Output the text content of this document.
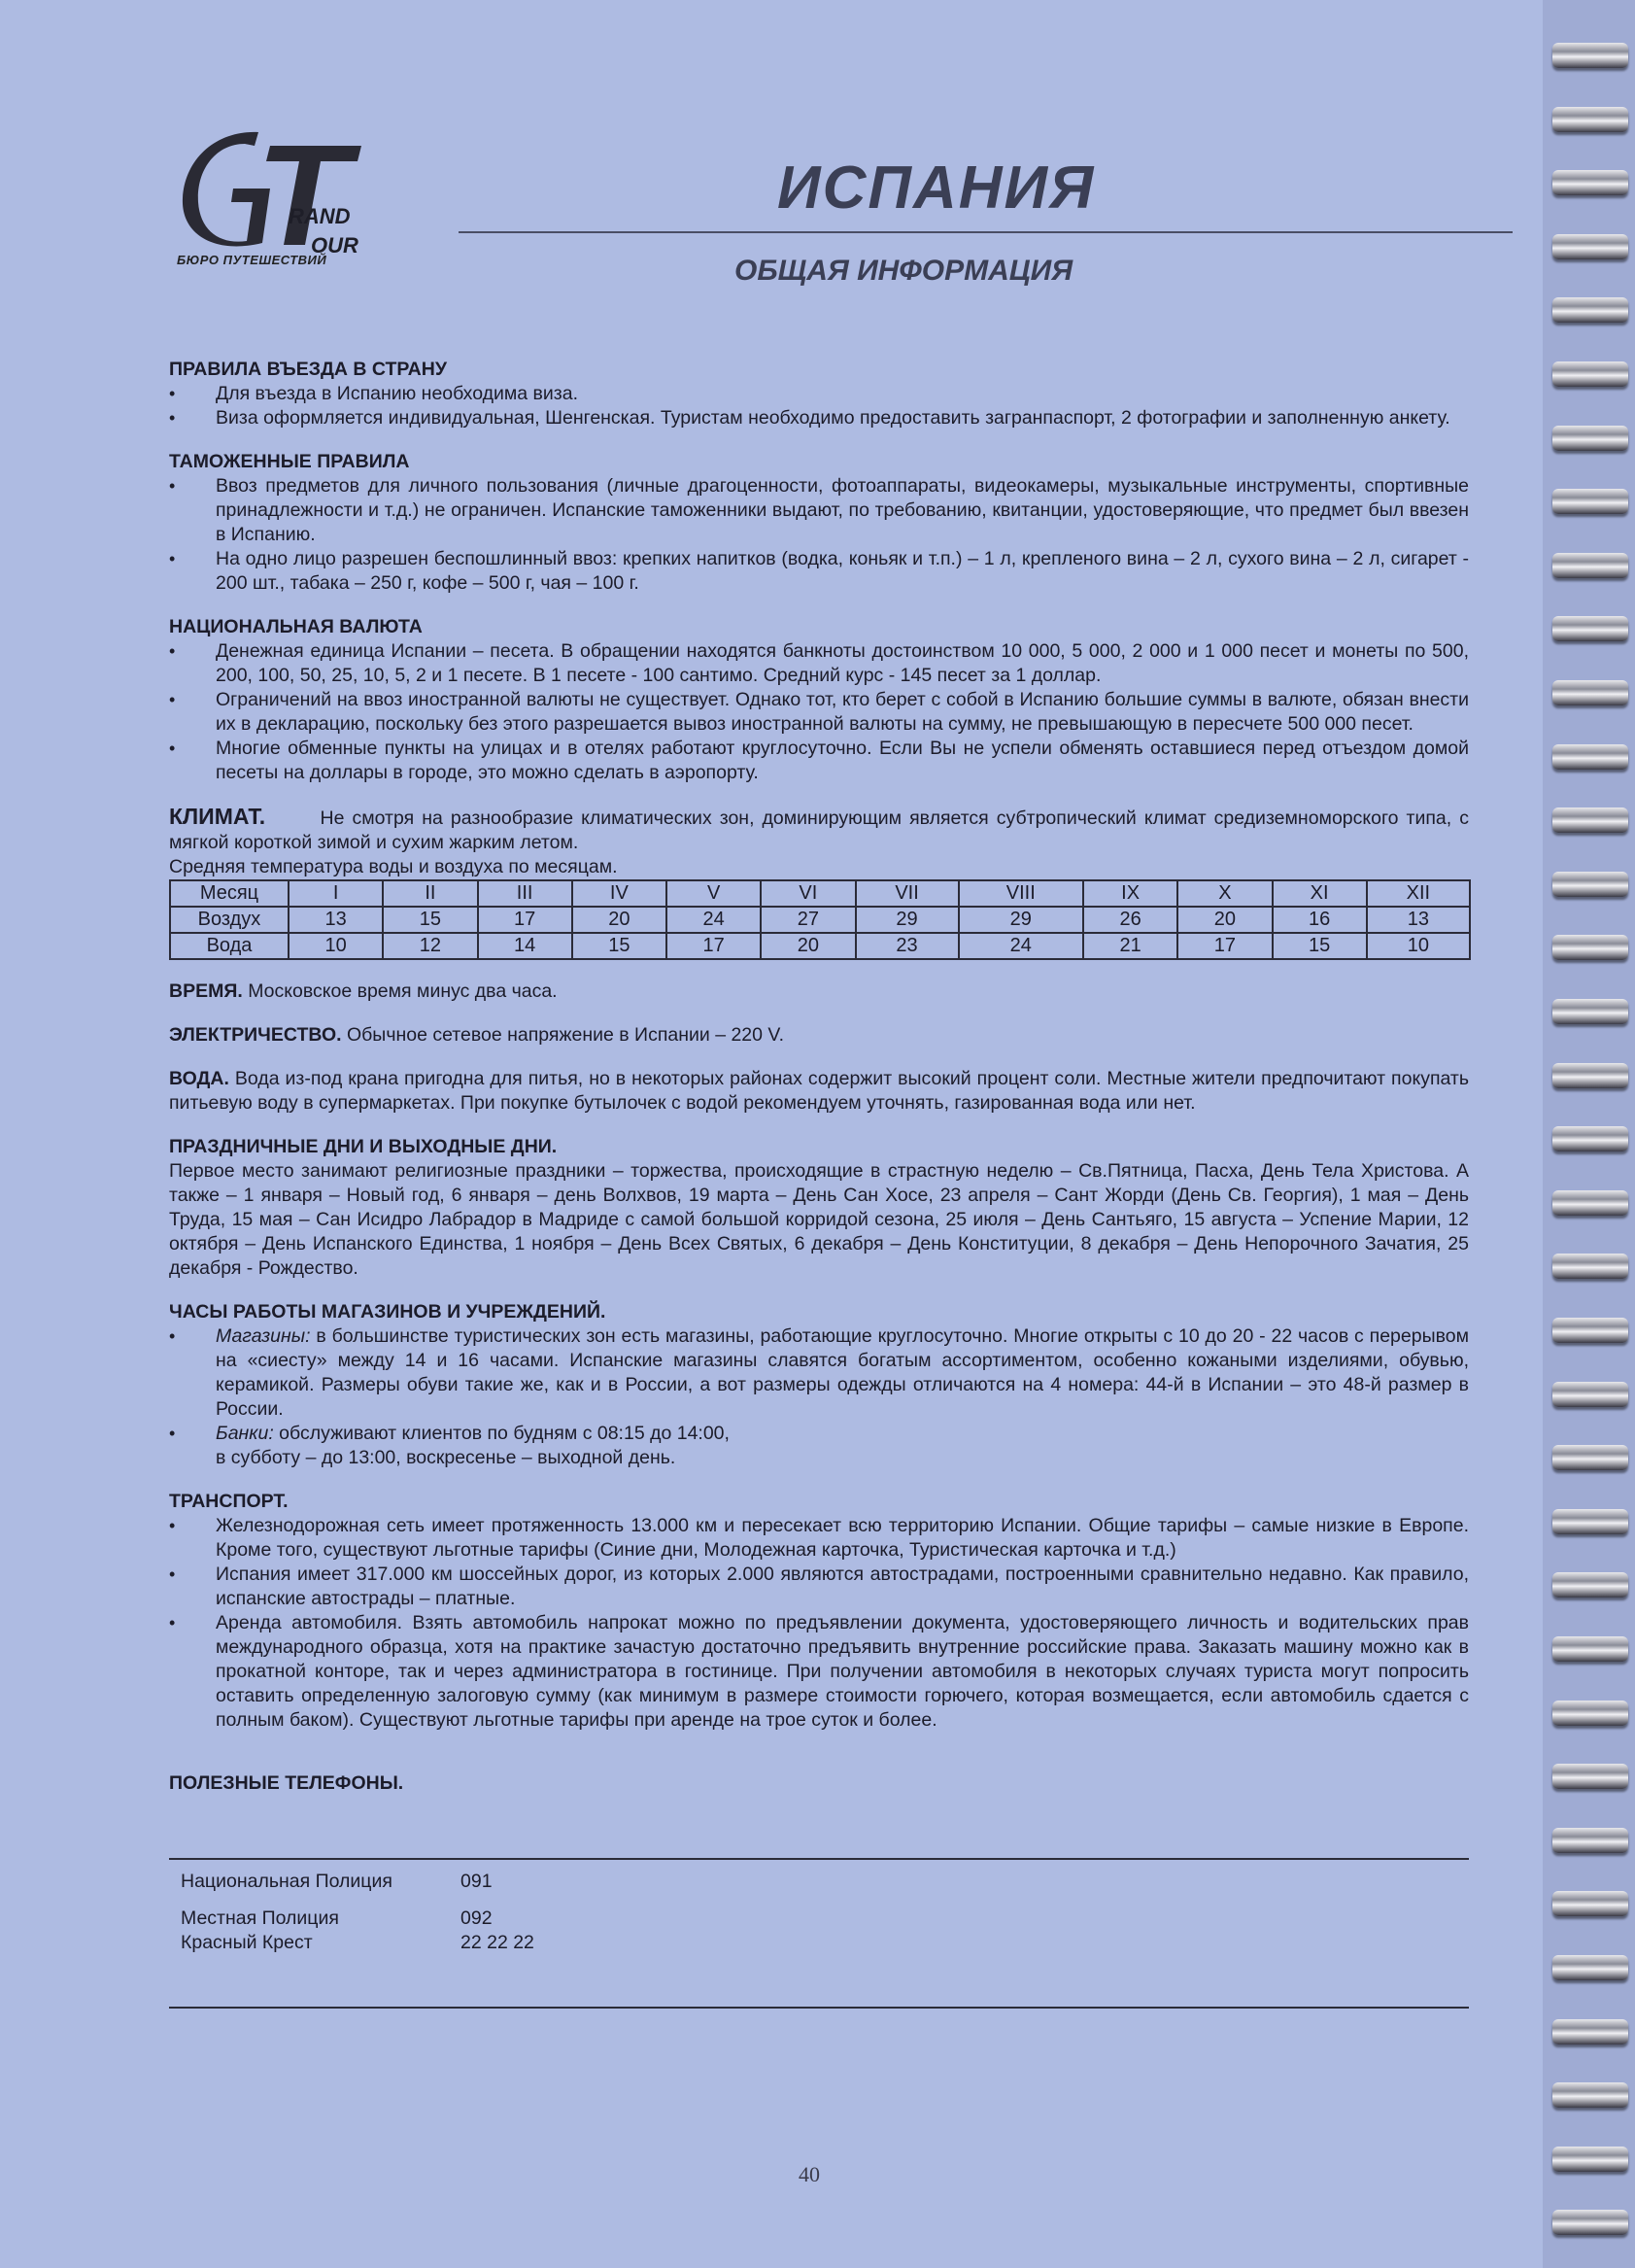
RAND
OUR
БЮРО ПУТЕШЕСТВИЙ
ИСПАНИЯ
ОБЩАЯ ИНФОРМАЦИЯ

ПРАВИЛА ВЪЕЗДА В СТРАНУ

• Для въезда в Испанию необходима виза.
• Виза оформляется индивидуальная, Шенгенская. Туристам необходимо предоставить загранпаспорт, 2 фотографии и заполненную анкету.

ТАМОЖЕННЫЕ ПРАВИЛА

• Ввоз предметов для личного пользования (личные драгоценности, фотоаппараты, видеокамеры, музыкальные инструменты, спортивные принадлежности и т.д.) не ограничен. Испанские таможенники выдают, по требованию, квитанции, удостоверяющие, что предмет был ввезен в Испанию.
• На одно лицо разрешен беспошлинный ввоз: крепких напитков (водка, коньяк и т.п.) – 1 л, крепленого вина – 2 л, сухого вина – 2 л, сигарет - 200 шт., табака – 250 г, кофе – 500 г, чая – 100 г.

НАЦИОНАЛЬНАЯ ВАЛЮТА

• Денежная единица Испании – песета. В обращении находятся банкноты достоинством 10 000, 5 000, 2 000 и 1 000 песет и монеты по 500, 200, 100, 50, 25, 10, 5, 2 и 1 песете. В 1 песете - 100 сантимо. Средний курс - 145 песет за 1 доллар.
• Ограничений на ввоз иностранной валюты не существует. Однако тот, кто берет с собой в Испанию большие суммы в валюте, обязан внести их в декларацию, поскольку без этого разрешается вывоз иностранной валюты на сумму, не превышающую в пересчете 500 000 песет.
• Многие обменные пункты на улицах и в отелях работают круглосуточно. Если Вы не успели обменять оставшиеся перед отъездом домой песеты на доллары в городе, это можно сделать в аэропорту.

КЛИМАТ.	Не смотря на разнообразие климатических зон, доминирующим является субтропический климат средиземноморского типа, с мягкой короткой зимой и сухим жарким летом.

Средняя температура воды и воздуха по месяцам.

Месяц	I	II	III	IV	V	VI	VII	VIII	IX	X	XI	XII
Воздух	13	15	17	20	24	27	29	29	26	20	16	13
Вода	10	12	14	15	17	20	23	24	21	17	15	10

ВРЕМЯ. Московское время минус два часа.

ЭЛЕКТРИЧЕСТВО. Обычное сетевое напряжение в Испании – 220 V.

ВОДА. Вода из-под крана пригодна для питья, но в некоторых районах содержит высокий процент соли. Местные жители предпочитают покупать питьевую воду в супермаркетах. При покупке бутылочек с водой рекомендуем уточнять, газированная вода или нет.

ПРАЗДНИЧНЫЕ ДНИ И ВЫХОДНЫЕ ДНИ.

Первое место занимают религиозные праздники – торжества, происходящие в страстную неделю – Св.Пятница, Пасха, День Тела Христова. А также – 1 января – Новый год, 6 января – день Волхвов, 19 марта – День Сан Хосе, 23 апреля – Сант Жорди (День Св. Георгия), 1 мая – День Труда, 15 мая – Сан Исидро Лабрадор в Мадриде с самой большой корридой сезона, 25 июля – День Сантьяго, 15 августа – Успение Марии, 12 октября – День Испанского Единства, 1 ноября – День Всех Святых, 6 декабря – День Конституции, 8 декабря – День Непорочного Зачатия, 25 декабря - Рождество.

ЧАСЫ РАБОТЫ МАГАЗИНОВ И УЧРЕЖДЕНИЙ.

• Магазины: в большинстве туристических зон есть магазины, работающие круглосуточно. Многие открыты с 10 до 20 - 22 часов с перерывом на «сиесту» между 14 и 16 часами. Испанские магазины славятся богатым ассортиментом, особенно кожаными изделиями, обувью, керамикой. Размеры обуви такие же, как и в России, а вот размеры одежды отличаются на 4 номера: 44-й в Испании – это 48-й размер в России.
• Банки: обслуживают клиентов по будням с 08:15 до 14:00,
в субботу – до 13:00, воскресенье – выходной день.

ТРАНСПОРТ.

• Железнодорожная сеть имеет протяженность 13.000 км и пересекает всю территорию Испании. Общие тарифы – самые низкие в Европе. Кроме того, существуют льготные тарифы (Синие дни, Молодежная карточка, Туристическая карточка и т.д.)
• Испания имеет 317.000 км шоссейных дорог, из которых 2.000 являются автострадами, построенными сравнительно недавно. Как правило, испанские автострады – платные.
• Аренда автомобиля. Взять автомобиль напрокат можно по предъявлении документа, удостоверяющего личность и водительских прав международного образца, хотя на практике зачастую достаточно предъявить внутренние российские права. Заказать машину можно как в прокатной конторе, так и через администратора в гостинице. При получении автомобиля в некоторых случаях туриста могут попросить оставить определенную залоговую сумму (как минимум в размере стоимости горючего, которая возмещается, если автомобиль сдается с полным баком). Существуют льготные тарифы при аренде на трое суток и более.

ПОЛЕЗНЫЕ ТЕЛЕФОНЫ.

Национальная Полиция	091
Местная Полиция	092
Красный Крест	22 22 22
40
